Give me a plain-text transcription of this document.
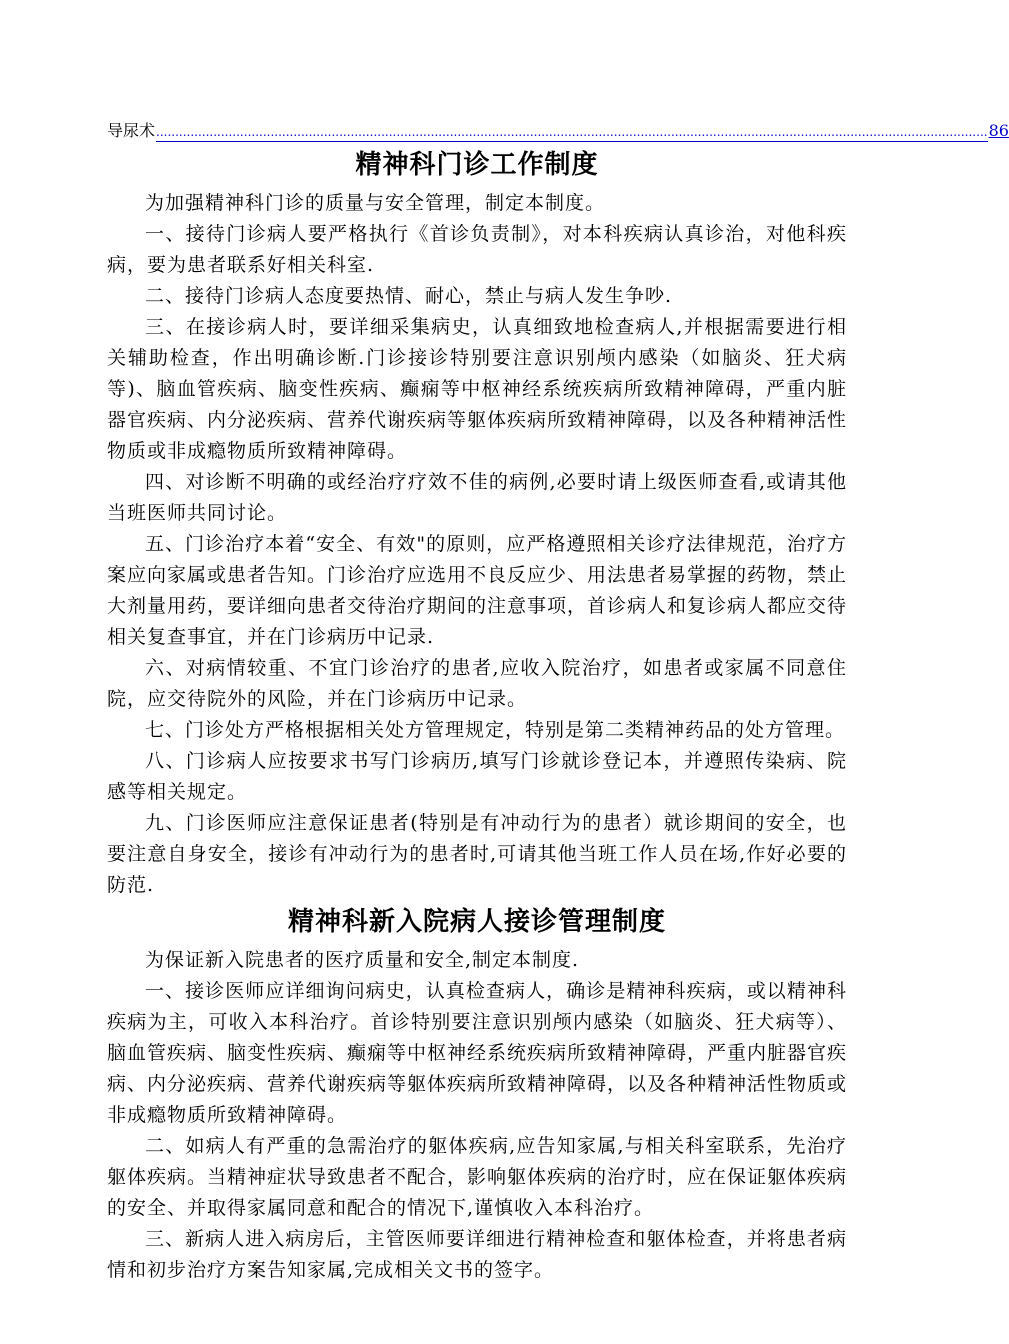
导尿术 .......................................................................................................................................................................................................................... 86
精神科门诊工作制度

为加强精神科门诊的质量与安全管理，制定本制度。

一、接待门诊病人要严格执行《首诊负责制》，对本科疾病认真诊治，对他科疾病，要为患者联系好相关科室.

二、接待门诊病人态度要热情、耐心，禁止与病人发生争吵.

三、在接诊病人时，要详细采集病史，认真细致地检查病人,并根据需要进行相关辅助检查，作出明确诊断.门诊接诊特别要注意识别颅内感染（如脑炎、狂犬病等)、脑血管疾病、脑变性疾病、癫痫等中枢神经系统疾病所致精神障碍，严重内脏器官疾病、内分泌疾病、营养代谢疾病等躯体疾病所致精神障碍，以及各种精神活性物质或非成瘾物质所致精神障碍。

四、对诊断不明确的或经治疗疗效不佳的病例,必要时请上级医师查看,或请其他当班医师共同讨论。

五、门诊治疗本着“安全、有效"的原则，应严格遵照相关诊疗法律规范，治疗方案应向家属或患者告知。门诊治疗应选用不良反应少、用法患者易掌握的药物，禁止大剂量用药，要详细向患者交待治疗期间的注意事项，首诊病人和复诊病人都应交待相关复查事宜，并在门诊病历中记录.

六、对病情较重、不宜门诊治疗的患者,应收入院治疗，如患者或家属不同意住院，应交待院外的风险，并在门诊病历中记录。

七、门诊处方严格根据相关处方管理规定，特别是第二类精神药品的处方管理。

八、门诊病人应按要求书写门诊病历,填写门诊就诊登记本，并遵照传染病、院感等相关规定。

九、门诊医师应注意保证患者(特别是有冲动行为的患者）就诊期间的安全，也要注意自身安全，接诊有冲动行为的患者时,可请其他当班工作人员在场,作好必要的防范.

精神科新入院病人接诊管理制度

为保证新入院患者的医疗质量和安全,制定本制度.

一、接诊医师应详细询问病史，认真检查病人，确诊是精神科疾病，或以精神科疾病为主，可收入本科治疗。首诊特别要注意识别颅内感染（如脑炎、狂犬病等）、脑血管疾病、脑变性疾病、癫痫等中枢神经系统疾病所致精神障碍，严重内脏器官疾病、内分泌疾病、营养代谢疾病等躯体疾病所致精神障碍，以及各种精神活性物质或非成瘾物质所致精神障碍。

二、如病人有严重的急需治疗的躯体疾病,应告知家属,与相关科室联系，先治疗躯体疾病。当精神症状导致患者不配合，影响躯体疾病的治疗时，应在保证躯体疾病的安全、并取得家属同意和配合的情况下,谨慎收入本科治疗。

三、新病人进入病房后，主管医师要详细进行精神检查和躯体检查，并将患者病情和初步治疗方案告知家属,完成相关文书的签字。
